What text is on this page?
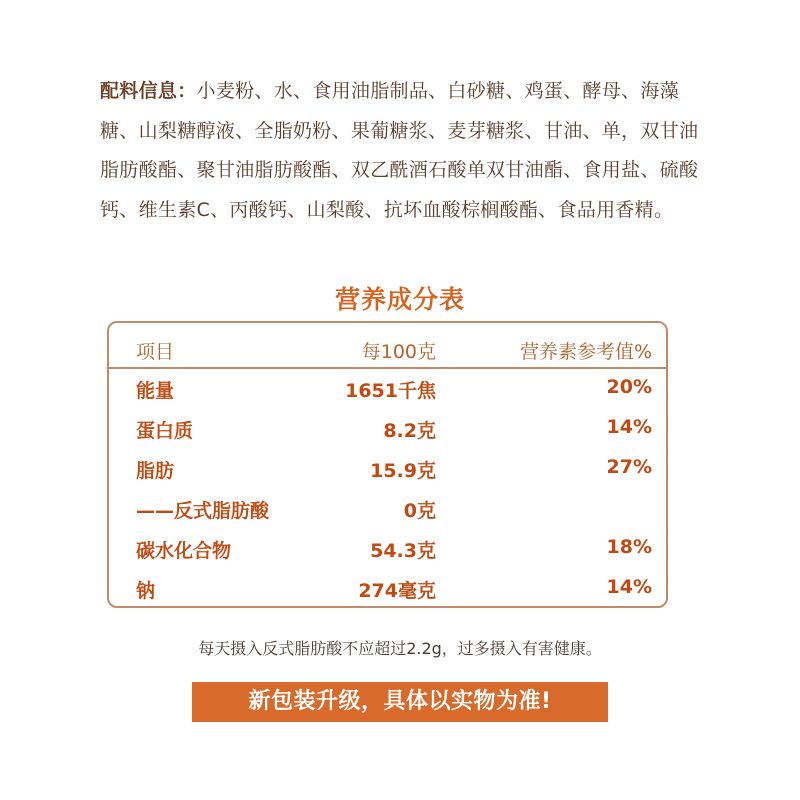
配料信息：小麦粉、水、食用油脂制品、白砂糖、鸡蛋、酵母、海藻糖、山梨糖醇液、全脂奶粉、果葡糖浆、麦芽糖浆、甘油、单，双甘油脂肪酸酯、聚甘油脂肪酸酯、双乙酰酒石酸单双甘油酯、食用盐、硫酸钙、维生素C、丙酸钙、山梨酸、抗坏血酸棕榈酸酯、食品用香精。
营养成分表
项目	每100克	营养素参考值%
能量	1651千焦	20%
蛋白质	8.2克	14%
脂肪	15.9克	27%
——反式脂肪酸	0克
碳水化合物	54.3克	18%
钠	274毫克	14%
每天摄入反式脂肪酸不应超过2.2g，过多摄入有害健康。
新包装升级，具体以实物为准!
